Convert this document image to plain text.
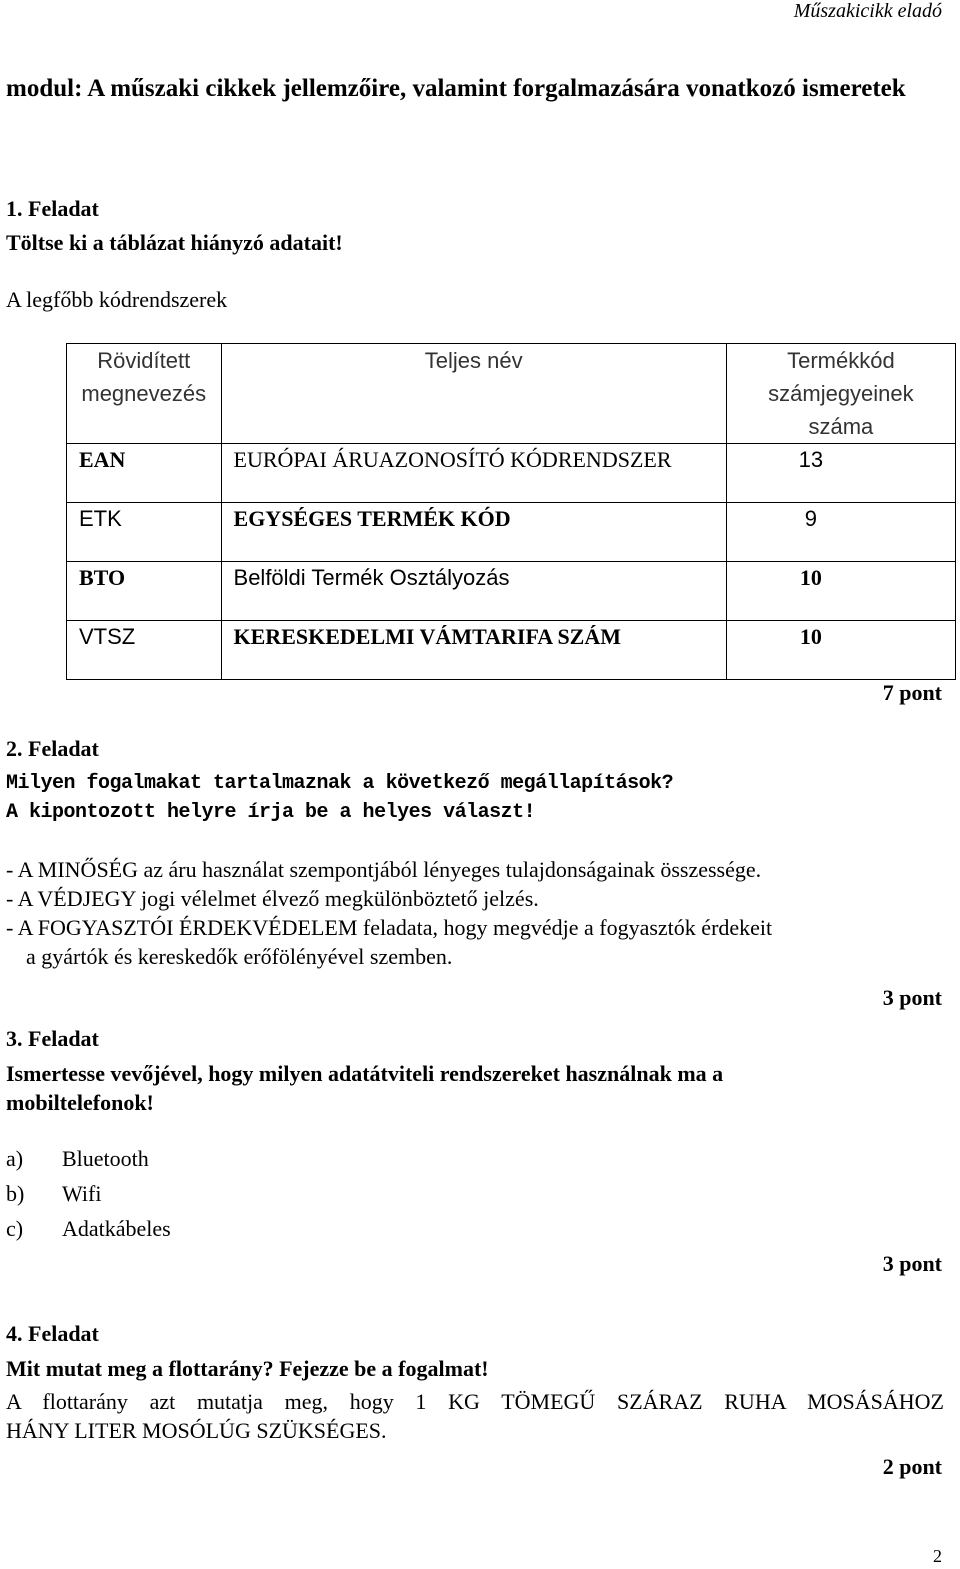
Műszakicikk eladó
modul: A műszaki cikkek jellemzőire, valamint forgalmazására vonatkozó ismeretek
1. Feladat
Töltse ki a táblázat hiányzó adatait!
A legfőbb kódrendszerek
Rövidített megnevezés	Teljes név	Termékkód számjegyeinek száma
EAN	EURÓPAI ÁRUAZONOSÍTÓ KÓDRENDSZER	13
ETK	EGYSÉGES TERMÉK KÓD	9
BTO	Belföldi Termék Osztályozás	10
VTSZ	KERESKEDELMI VÁMTARIFA SZÁM	10
7 pont
2. Feladat
Milyen fogalmakat tartalmaznak a következő megállapítások?
A kipontozott helyre írja be a helyes választ!
- A MINŐSÉG az áru használat szempontjából lényeges tulajdonságainak összessége.
- A VÉDJEGY jogi vélelmet élvező megkülönböztető jelzés.
- A FOGYASZTÓI ÉRDEKVÉDELEM feladata, hogy megvédje a fogyasztók érdekeit
a gyártók és kereskedők erőfölényével szemben.
3 pont
3. Feladat
Ismertesse vevőjével, hogy milyen adatátviteli rendszereket használnak ma a
mobiltelefonok!
a) Bluetooth
b) Wifi
c) Adatkábeles
3 pont
4. Feladat
Mit mutat meg a flottarány? Fejezze be a fogalmat!
A flottarány azt mutatja meg, hogy 1 KG TÖMEGŰ SZÁRAZ RUHA MOSÁSÁHOZ
HÁNY LITER MOSÓLÚG SZÜKSÉGES.
2 pont
2
